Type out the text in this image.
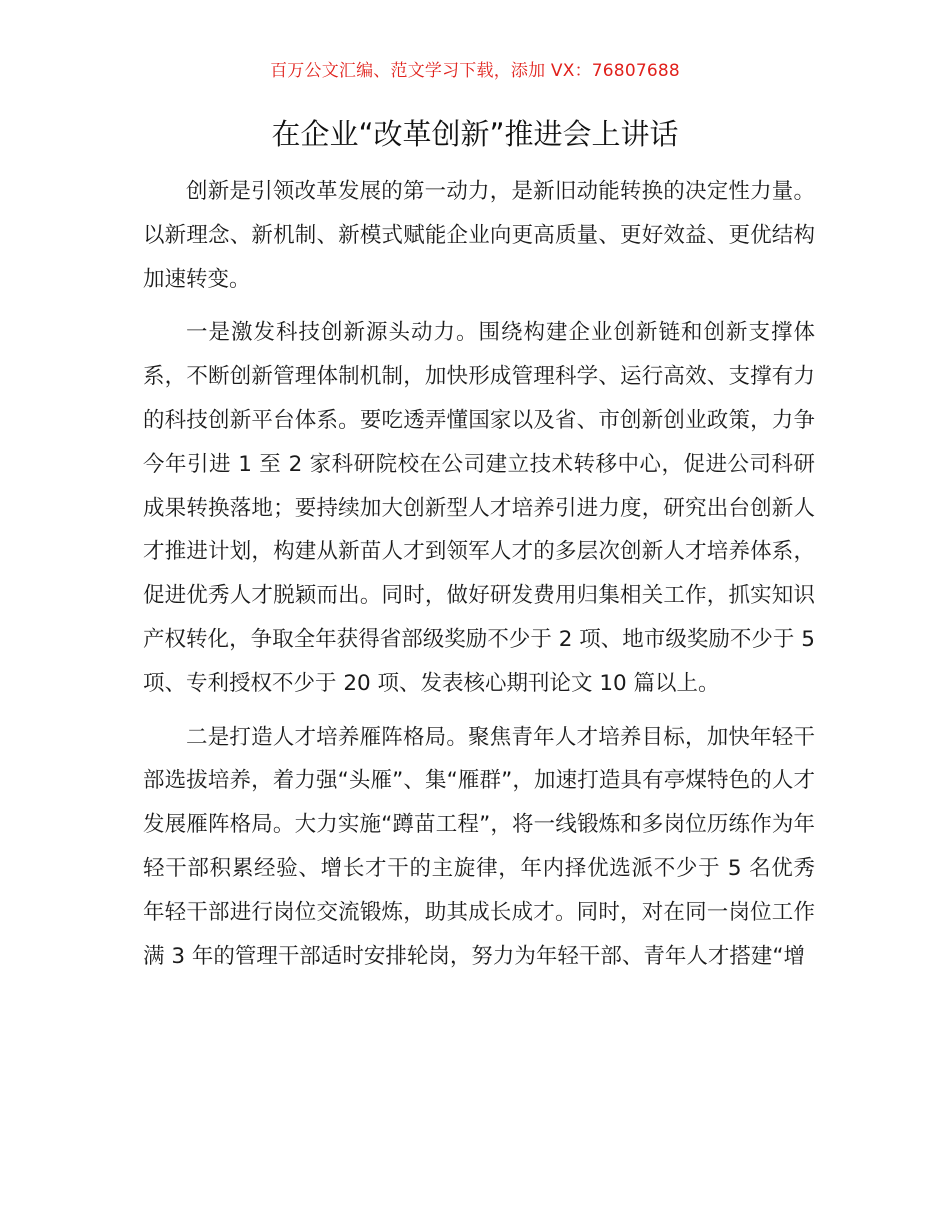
百万公文汇编、范文学习下载，添加 VX：76807688
在企业“改革创新”推进会上讲话

创新是引领改革发展的第一动力，是新旧动能转换的决定性力量。以新理念、新机制、新模式赋能企业向更高质量、更好效益、更优结构加速转变。

一是激发科技创新源头动力。围绕构建企业创新链和创新支撑体系，不断创新管理体制机制，加快形成管理科学、运行高效、支撑有力的科技创新平台体系。要吃透弄懂国家以及省、市创新创业政策，力争今年引进 1 至 2 家科研院校在公司建立技术转移中心，促进公司科研成果转换落地；要持续加大创新型人才培养引进力度，研究出台创新人才推进计划，构建从新苗人才到领军人才的多层次创新人才培养体系，促进优秀人才脱颖而出。同时，做好研发费用归集相关工作，抓实知识产权转化，争取全年获得省部级奖励不少于 2 项、地市级奖励不少于 5 项、专利授权不少于 20 项、发表核心期刊论文 10 篇以上。

二是打造人才培养雁阵格局。聚焦青年人才培养目标，加快年轻干部选拔培养，着力强“头雁”、集“雁群”，加速打造具有亭煤特色的人才发展雁阵格局。大力实施“蹲苗工程”，将一线锻炼和多岗位历练作为年轻干部积累经验、增长才干的主旋律，年内择优选派不少于 5 名优秀年轻干部进行岗位交流锻炼，助其成长成才。同时，对在同一岗位工作满 3 年的管理干部适时安排轮岗，努力为年轻干部、青年人才搭建“增
